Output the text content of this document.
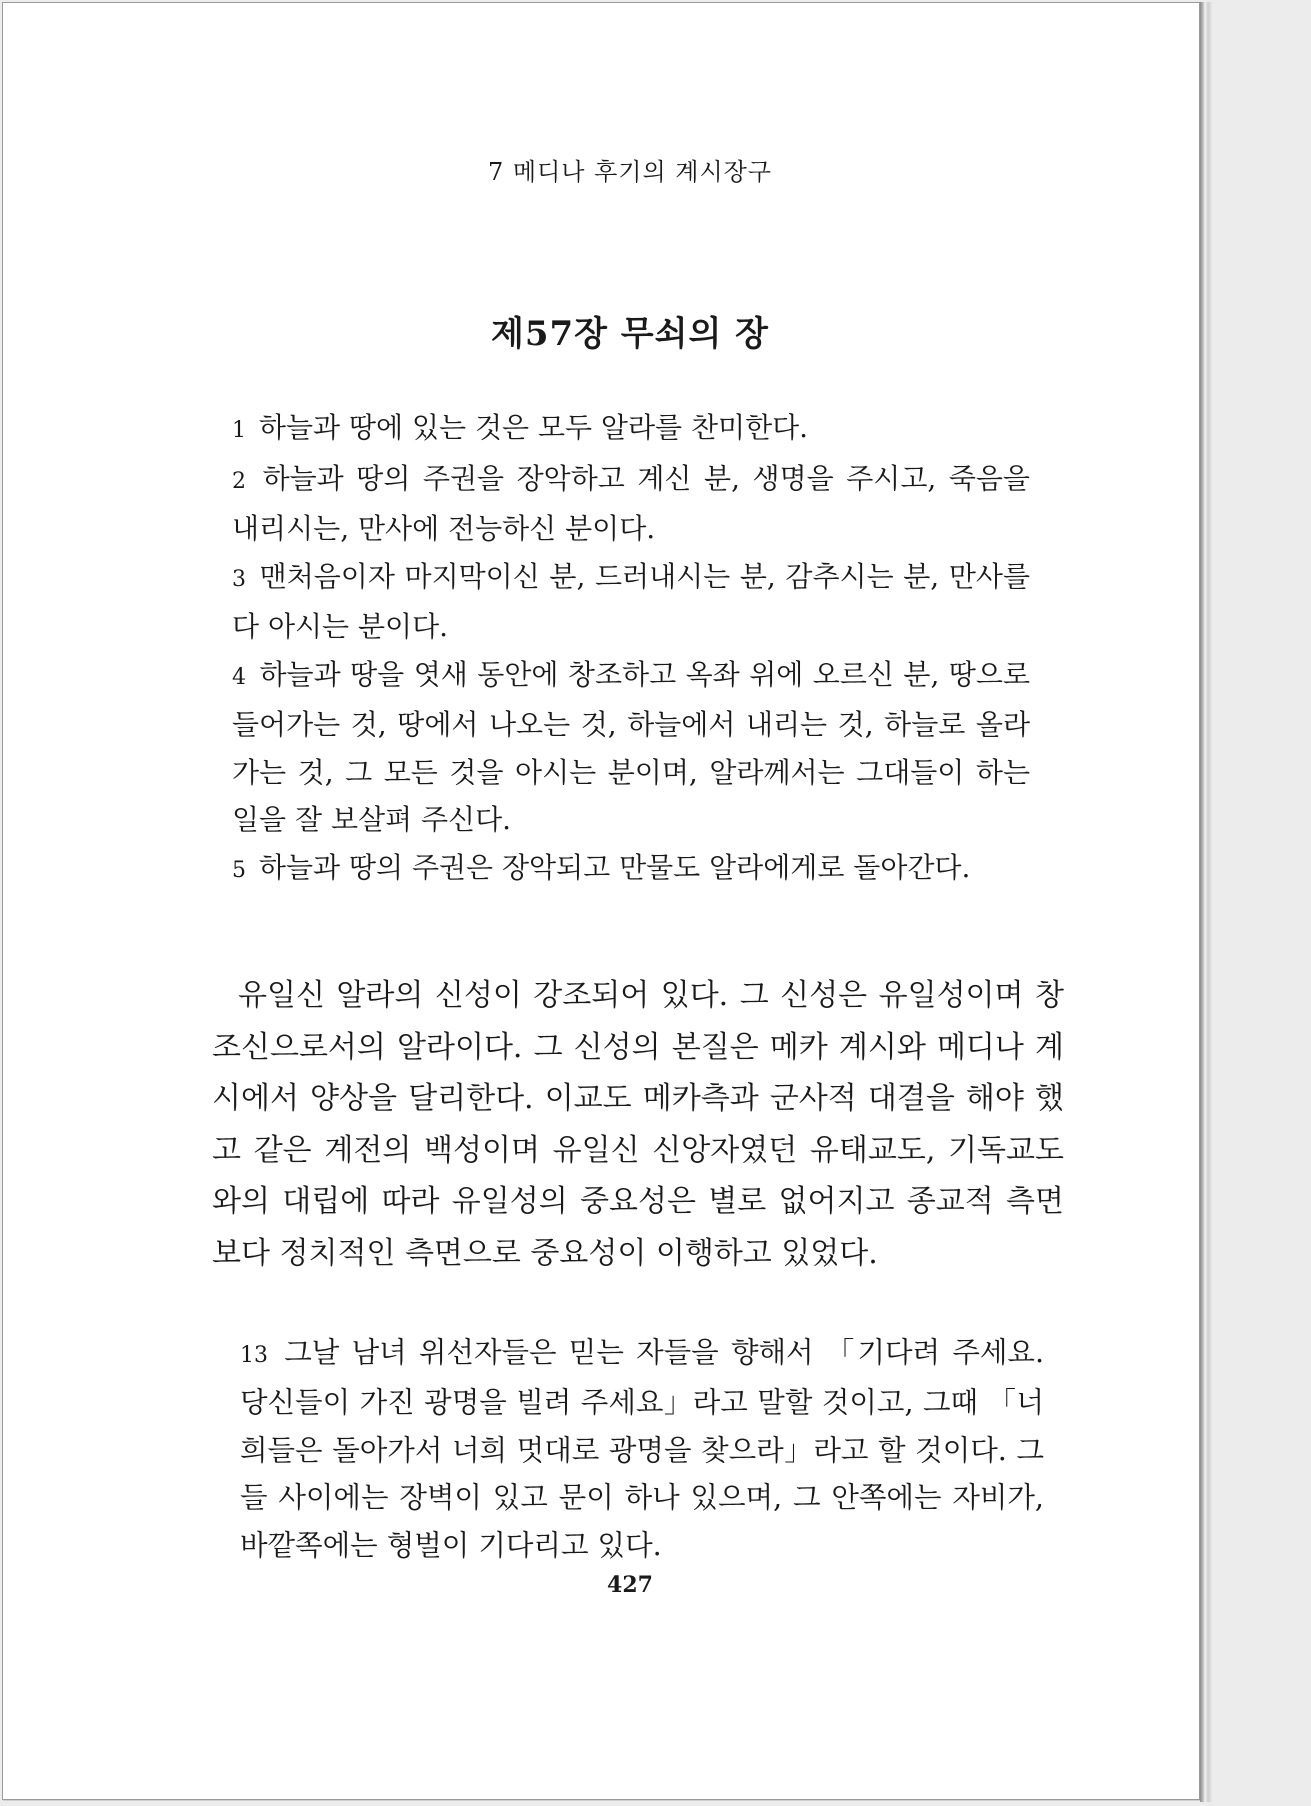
7 메디나 후기의 계시장구
제57장 무쇠의 장

1 하늘과 땅에 있는 것은 모두 알라를 찬미한다.

2 하늘과 땅의 주권을 장악하고 계신 분, 생명을 주시고, 죽음을 내리시는, 만사에 전능하신 분이다.

3 맨처음이자 마지막이신 분, 드러내시는 분, 감추시는 분, 만사를 다 아시는 분이다.

4 하늘과 땅을 엿새 동안에 창조하고 옥좌 위에 오르신 분, 땅으로 들어가는 것, 땅에서 나오는 것, 하늘에서 내리는 것, 하늘로 올라가는 것, 그 모든 것을 아시는 분이며, 알라께서는 그대들이 하는 일을 잘 보살펴 주신다.

5 하늘과 땅의 주권은 장악되고 만물도 알라에게로 돌아간다.

유일신 알라의 신성이 강조되어 있다. 그 신성은 유일성이며 창조신으로서의 알라이다. 그 신성의 본질은 메카 계시와 메디나 계시에서 양상을 달리한다. 이교도 메카측과 군사적 대결을 해야 했고 같은 계전의 백성이며 유일신 신앙자였던 유태교도, 기독교도와의 대립에 따라 유일성의 중요성은 별로 없어지고 종교적 측면보다 정치적인 측면으로 중요성이 이행하고 있었다.

13 그날 남녀 위선자들은 믿는 자들을 향해서 「기다려 주세요. 당신들이 가진 광명을 빌려 주세요」라고 말할 것이고, 그때 「너희들은 돌아가서 너희 멋대로 광명을 찾으라」라고 할 것이다. 그들 사이에는 장벽이 있고 문이 하나 있으며, 그 안쪽에는 자비가, 바깥쪽에는 형벌이 기다리고 있다.

427
